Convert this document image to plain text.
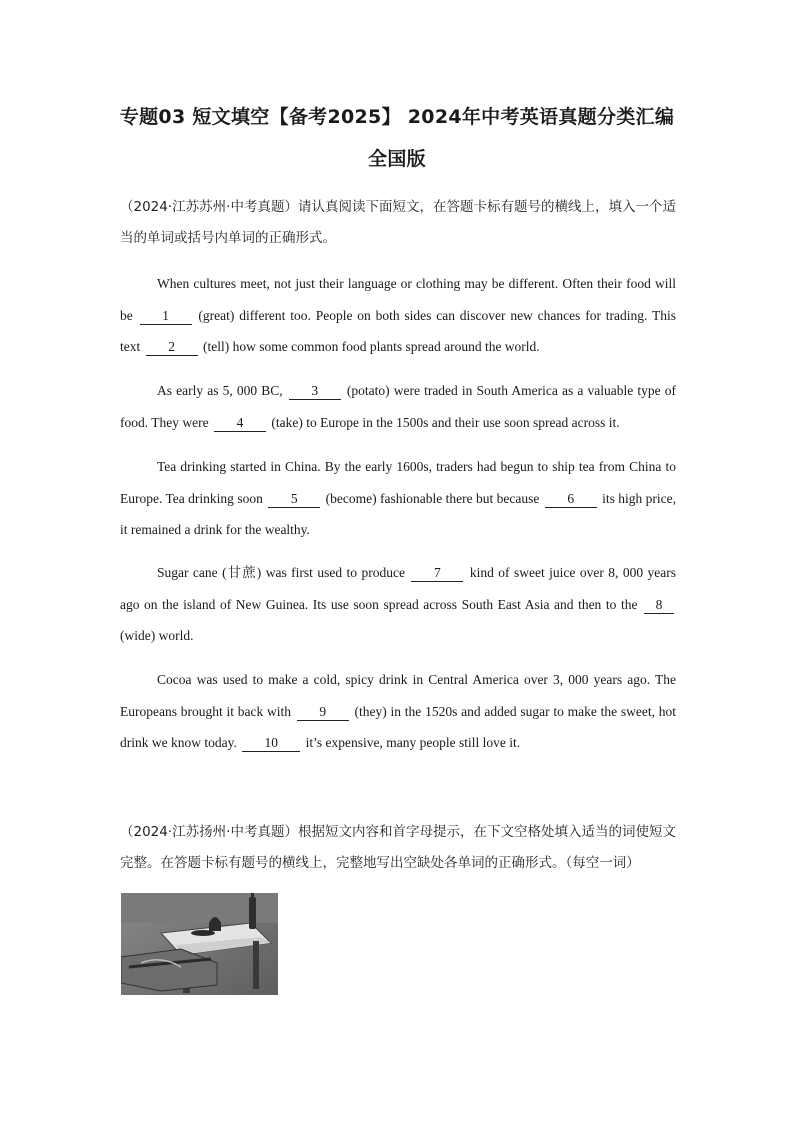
专题03 短文填空【备考2025】 2024年中考英语真题分类汇编
全国版
（2024·江苏苏州·中考真题）请认真阅读下面短文，在答题卡标有题号的横线上，填入一个适当的单词或括号内单词的正确形式。
When cultures meet, not just their language or clothing may be different. Often their food will be 1 (great) different too. People on both sides can discover new chances for trading. This text 2 (tell) how some common food plants spread around the world.
As early as 5, 000 BC, 3 (potato) were traded in South America as a valuable type of food. They were 4 (take) to Europe in the 1500s and their use soon spread across it.
Tea drinking started in China. By the early 1600s, traders had begun to ship tea from China to Europe. Tea drinking soon 5 (become) fashionable there but because 6 its high price, it remained a drink for the wealthy.
Sugar cane (甘蔗) was first used to produce 7 kind of sweet juice over 8, 000 years ago on the island of New Guinea. Its use soon spread across South East Asia and then to the 8 (wide) world.
Cocoa was used to make a cold, spicy drink in Central America over 3, 000 years ago. The Europeans brought it back with 9 (they) in the 1520s and added sugar to make the sweet, hot drink we know today. 10 it’s expensive, many people still love it.
（2024·江苏扬州·中考真题）根据短文内容和首字母提示，在下文空格处填入适当的词使短文完整。在答题卡标有题号的横线上，完整地写出空缺处各单词的正确形式。（每空一词）
